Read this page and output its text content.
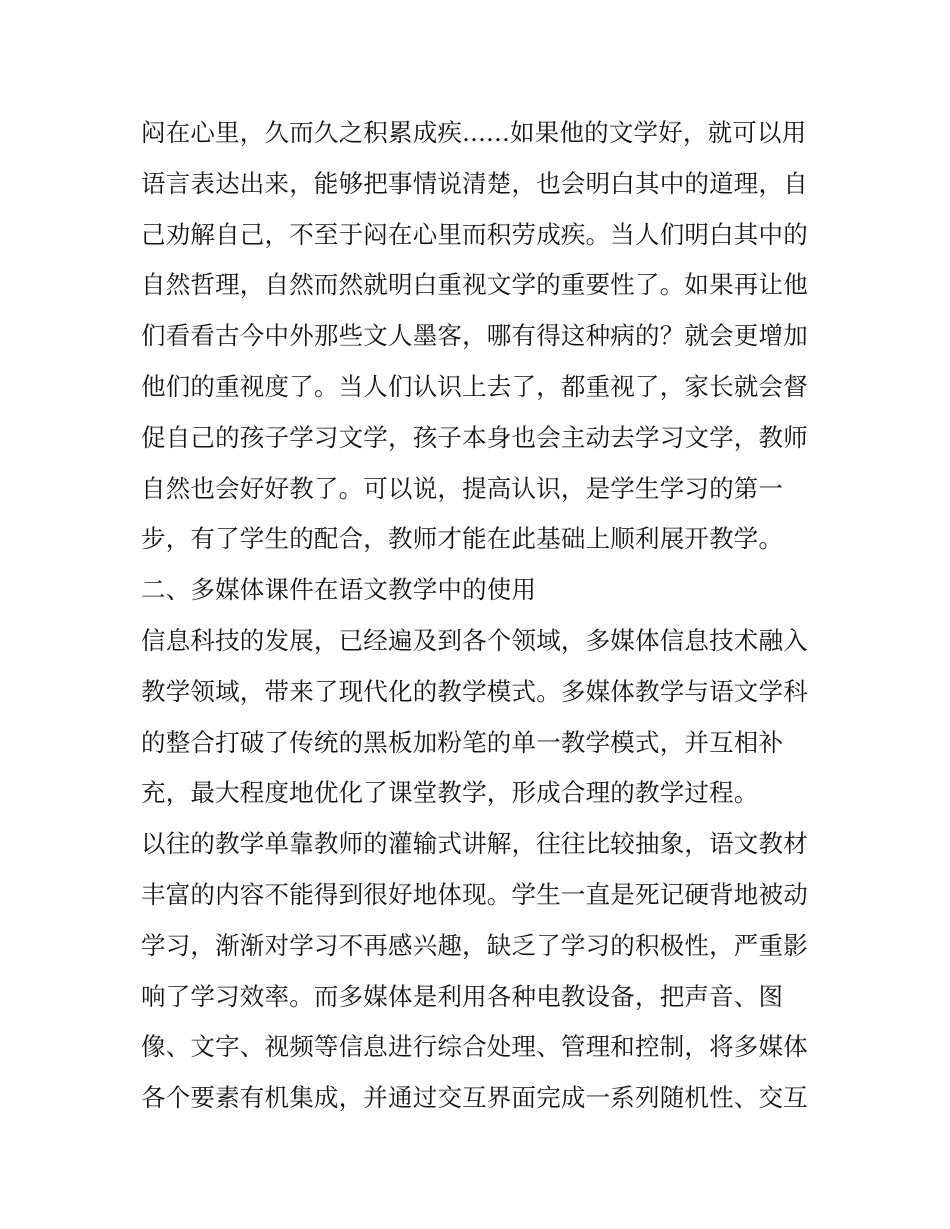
闷在心里，久而久之积累成疾......如果他的文学好，就可以用
语言表达出来，能够把事情说清楚，也会明白其中的道理，自
己劝解自己，不至于闷在心里而积劳成疾。当人们明白其中的
自然哲理，自然而然就明白重视文学的重要性了。如果再让他
们看看古今中外那些文人墨客，哪有得这种病的？就会更增加
他们的重视度了。当人们认识上去了，都重视了，家长就会督
促自己的孩子学习文学，孩子本身也会主动去学习文学，教师
自然也会好好教了。可以说，提高认识，是学生学习的第一
步，有了学生的配合，教师才能在此基础上顺利展开教学。
二、多媒体课件在语文教学中的使用
信息科技的发展，已经遍及到各个领域，多媒体信息技术融入
教学领域，带来了现代化的教学模式。多媒体教学与语文学科
的整合打破了传统的黑板加粉笔的单一教学模式，并互相补
充，最大程度地优化了课堂教学，形成合理的教学过程。
以往的教学单靠教师的灌输式讲解，往往比较抽象，语文教材
丰富的内容不能得到很好地体现。学生一直是死记硬背地被动
学习，渐渐对学习不再感兴趣，缺乏了学习的积极性，严重影
响了学习效率。而多媒体是利用各种电教设备，把声音、图
像、文字、视频等信息进行综合处理、管理和控制，将多媒体
各个要素有机集成，并通过交互界面完成一系列随机性、交互
